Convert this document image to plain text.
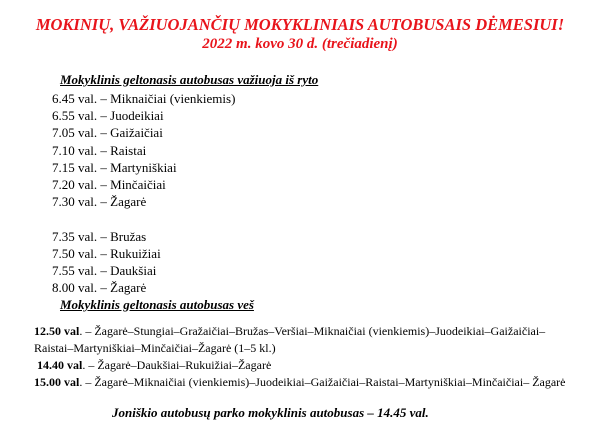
MOKINIŲ, VAŽIUOJANČIŲ MOKYKLINIAIS AUTOBUSAIS DĖMESIUI!
2022 m. kovo 30 d. (trečiadienį)
Mokyklinis geltonasis autobusas važiuoja iš ryto
6.45 val. – Miknaičiai (vienkiemis)
6.55 val. – Juodeikiai
7.05 val. – Gaižaičiai
7.10 val. – Raistai
7.15 val. – Martyniškiai
7.20 val. – Minčaičiai
7.30 val. – Žagarė
7.35 val. – Bružas
7.50 val. – Rukuižiai
7.55 val. – Daukšiai
8.00 val. – Žagarė
Mokyklinis geltonasis autobusas veš
12.50 val. – Žagarė–Stungiai–Gražaičiai–Bružas–Veršiai–Miknaičiai (vienkiemis)–Juodeikiai–Gaižaičiai–
Raistai–Martyniškiai–Minčaičiai–Žagarė (1–5 kl.)
14.40 val. – Žagarė–Daukšiai–Rukuižiai–Žagarė
15.00 val. – Žagarė–Miknaičiai (vienkiemis)–Juodeikiai–Gaižaičiai–Raistai–Martyniškiai–Minčaičiai– Žagarė
Joniškio autobusų parko mokyklinis autobusas – 14.45 val.
